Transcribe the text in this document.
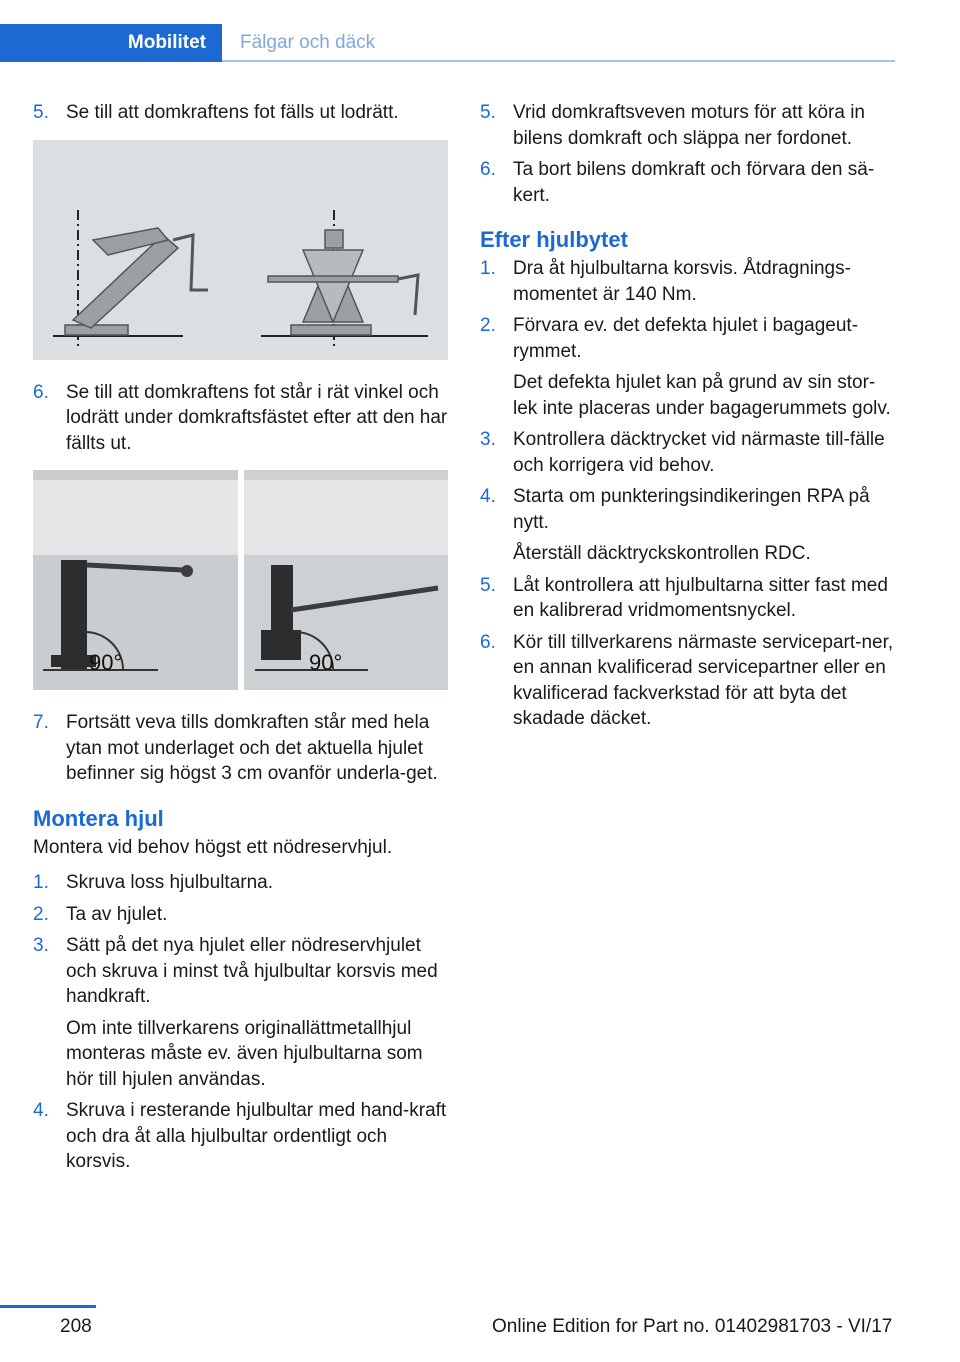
Mobilitet	Fälgar och däck
5. Se till att domkraftens fot fälls ut lodrätt.
6. Se till att domkraftens fot står i rät vinkel och lodrätt under domkraftsfästet efter att den har fällts ut.
90°	90°
7. Fortsätt veva tills domkraften står med hela ytan mot underlaget och det aktuella hjulet befinner sig högst 3 cm ovanför underla‐get.
Montera hjul
Montera vid behov högst ett nödreservhjul.
1. Skruva loss hjulbultarna.
2. Ta av hjulet.
3. Sätt på det nya hjulet eller nödreservhjulet och skruva i minst två hjulbultar korsvis med handkraft.
Om inte tillverkarens originallättmetallhjul monteras måste ev. även hjulbultarna som hör till hjulen användas.
4. Skruva i resterande hjulbultar med hand‐kraft och dra åt alla hjulbultar ordentligt och korsvis.
5. Vrid domkraftsveven moturs för att köra in bilens domkraft och släppa ner fordonet.
6. Ta bort bilens domkraft och förvara den sä‐kert.
Efter hjulbytet
1. Dra åt hjulbultarna korsvis. Åtdragnings‐momentet är 140 Nm.
2. Förvara ev. det defekta hjulet i bagageut‐rymmet.
Det defekta hjulet kan på grund av sin stor‐lek inte placeras under bagagerummets golv.
3. Kontrollera däcktrycket vid närmaste till‐fälle och korrigera vid behov.
4. Starta om punkteringsindikeringen RPA på nytt.
Återställ däcktryckskontrollen RDC.
5. Låt kontrollera att hjulbultarna sitter fast med en kalibrerad vridmomentsnyckel.
6. Kör till tillverkarens närmaste servicepart‐ner, en annan kvalificerad servicepartner eller en kvalificerad fackverkstad för att byta det skadade däcket.
208	Online Edition for Part no. 01402981703 - VI/17
